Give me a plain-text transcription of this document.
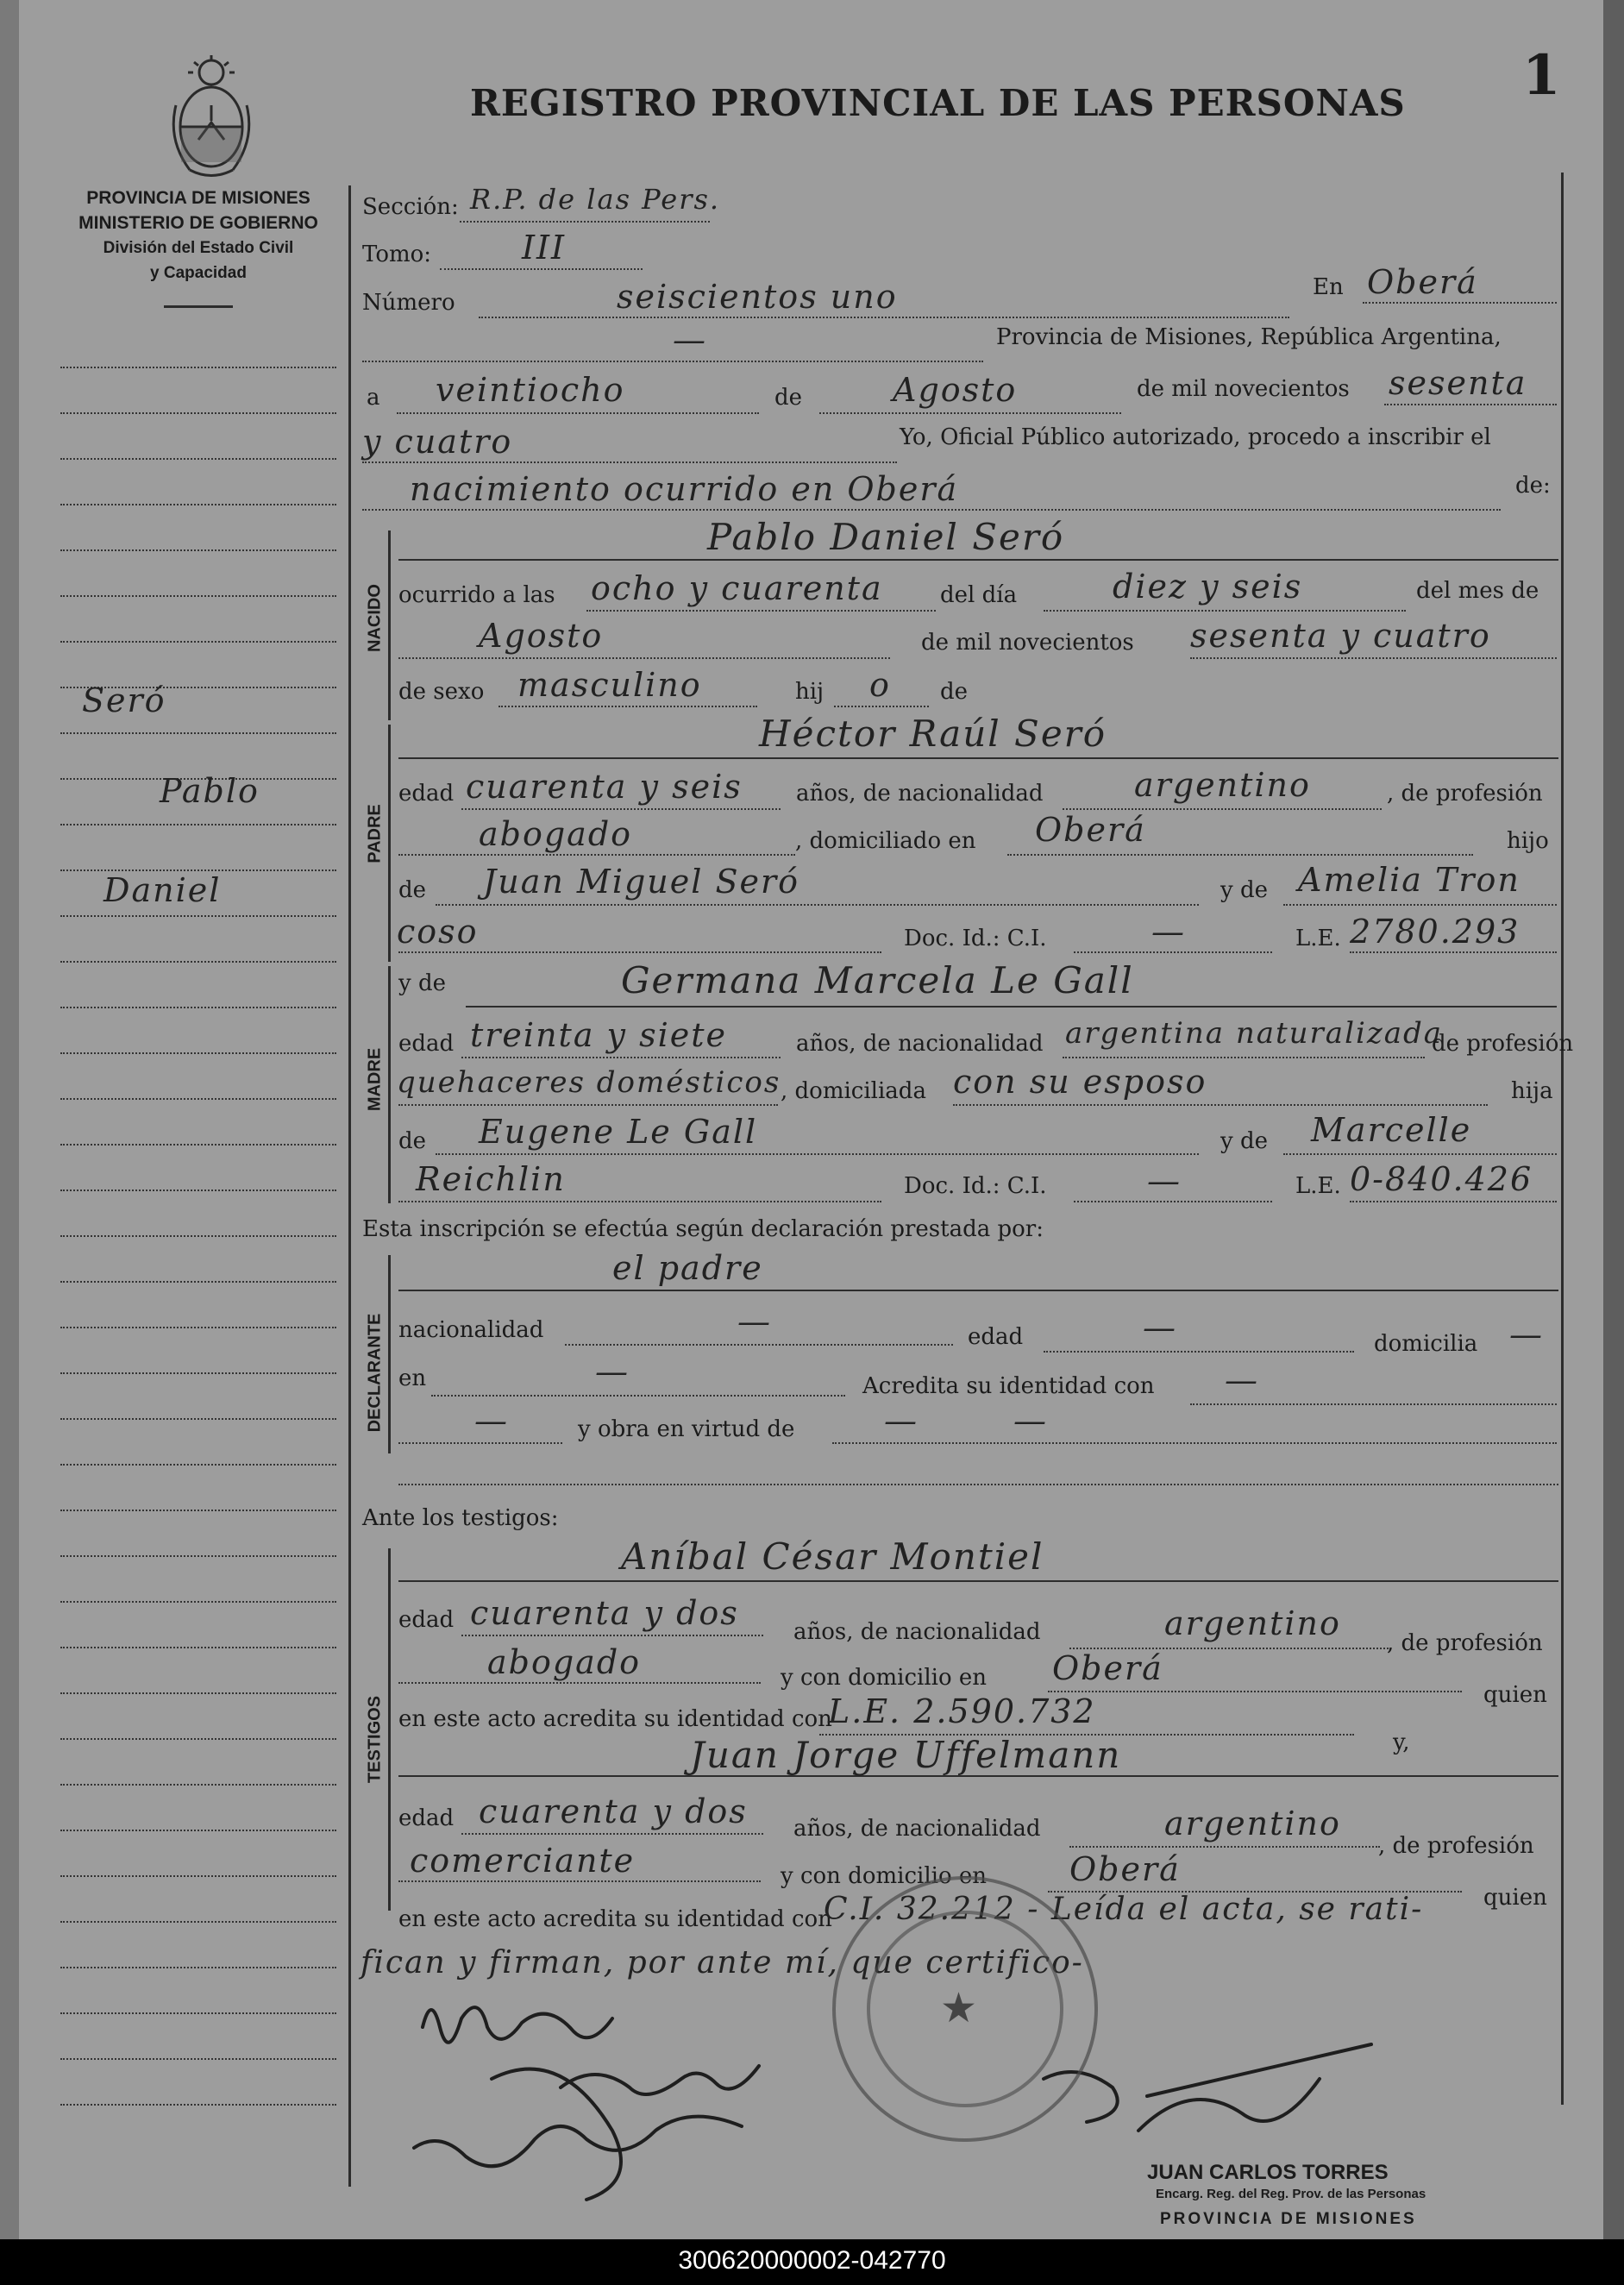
PROVINCIA DE MISIONES
MINISTERIO DE GOBIERNO
División del Estado Civil
y Capacidad
Seró
Pablo
Daniel
REGISTRO PROVINCIAL DE LAS PERSONAS 1
Sección: R.P. de las Pers.
Tomo:	III
Número	seiscientos uno	En Oberá
—	Provincia de Misiones, República Argentina,
a veintiocho	de	Agosto	de mil novecientos sesenta
y cuatro	Yo, Oficial Público autorizado, procedo a inscribir el
nacimiento ocurrido en Oberá	de:
NACIDO
Pablo Daniel Seró
ocurrido a las ocho y cuarenta	del día	diez y seis	del mes de
Agosto	de mil novecientos sesenta y cuatro
de sexo masculino	hij o de
PADRE
Héctor Raúl Seró
edad cuarenta y seis años, de nacionalidad	argentino	, de profesión
abogado	, domiciliado en Oberá	hijo
de Juan Miguel Seró	y de Amelia Tron
coso	Doc. Id.: C.I.	—	L.E. 2780.293
MADRE
y de	Germana Marcela Le Gall
edad treinta y siete	años, de nacionalidad argentina naturalizada
de profesión
quehaceres domésticos , domiciliada con su esposo	hija
de Eugene Le Gall	y de Marcelle
Reichlin	Doc. Id.: C.I.	—	L.E. 0-840.426
Esta inscripción se efectúa según declaración prestada por:
DECLARANTE
el padre
nacionalidad	—	edad	—	domicilia —
en	—	Acredita su identidad con —
—	y obra en virtud de	—	—
Ante los testigos:
TESTIGOS
Aníbal César Montiel
edad cuarenta y dos años, de nacionalidad	argentino
, de profesión
abogado	y con domicilio en Oberá
quien
en este acto acredita su identidad con
L.E. 2.590.732
y,
Juan Jorge Uffelmann
edad cuarenta y dos años, de nacionalidad	argentino
, de profesión
comerciante	y con domicilio en	Oberá
quien
en este acto acredita su identidad con
C.I. 32.212 - Leída el acta, se rati-
fican y firman, por ante mí, que certifico-
★
JUAN CARLOS TORRES
Encarg. Reg. del Reg. Prov. de las Personas
PROVINCIA DE MISIONES
300620000002-042770
